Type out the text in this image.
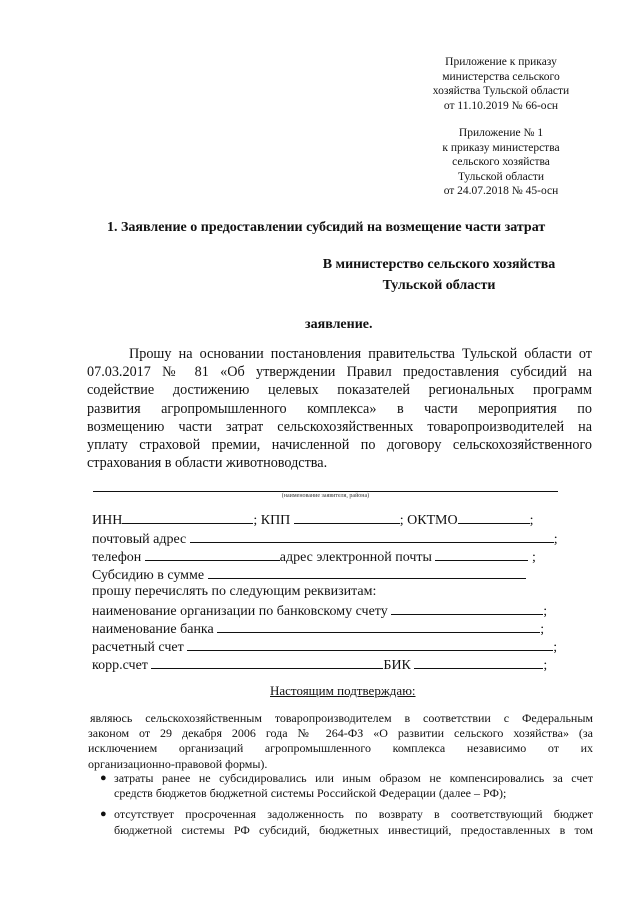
Приложение к приказу
министерства сельского
хозяйства Тульской области
от 11.10.2019 № 66-осн
Приложение № 1
к приказу министерства
сельского хозяйства
Тульской области
от 24.07.2018 № 45-осн
1. Заявление о предоставлении субсидий на возмещение части затрат
В министерство сельского хозяйства
Тульской области
заявление.
Прошу на основании постановления правительства Тульской области от
07.03.2017 № 81 «Об утверждении Правил предоставления субсидий на
содействие достижению целевых показателей региональных программ
развития агропромышленного комплекса» в части мероприятия по
возмещению части затрат сельскохозяйственных товаропроизводителей на
уплату страховой премии, начисленной по договору сельскохозяйственного
страхования в области животноводства.
(наименование заявителя, района)
ИНН	; КПП	; ОКТМО	;
почтовый адрес	;
телефон	адрес электронной почты	;
Субсидию в сумме
прошу перечислять по следующим реквизитам:
наименование организации по банковскому счету	;
наименование банка	;
расчетный счет	;
корр.счет	БИК	;
Настоящим подтверждаю:
являюсь сельскохозяйственным товаропроизводителем в соответствии с Федеральным
законом от 29 декабря 2006 года № 264-ФЗ «О развитии сельского хозяйства» (за
исключением организаций агропромышленного комплекса независимо от их
организационно-правовой формы).
● затраты ранее не субсидировались или иным образом не компенсировались за счет
средств бюджетов бюджетной системы Российской Федерации (далее – РФ);
● отсутствует просроченная задолженность по возврату в соответствующий бюджет
бюджетной системы РФ субсидий, бюджетных инвестиций, предоставленных в том
